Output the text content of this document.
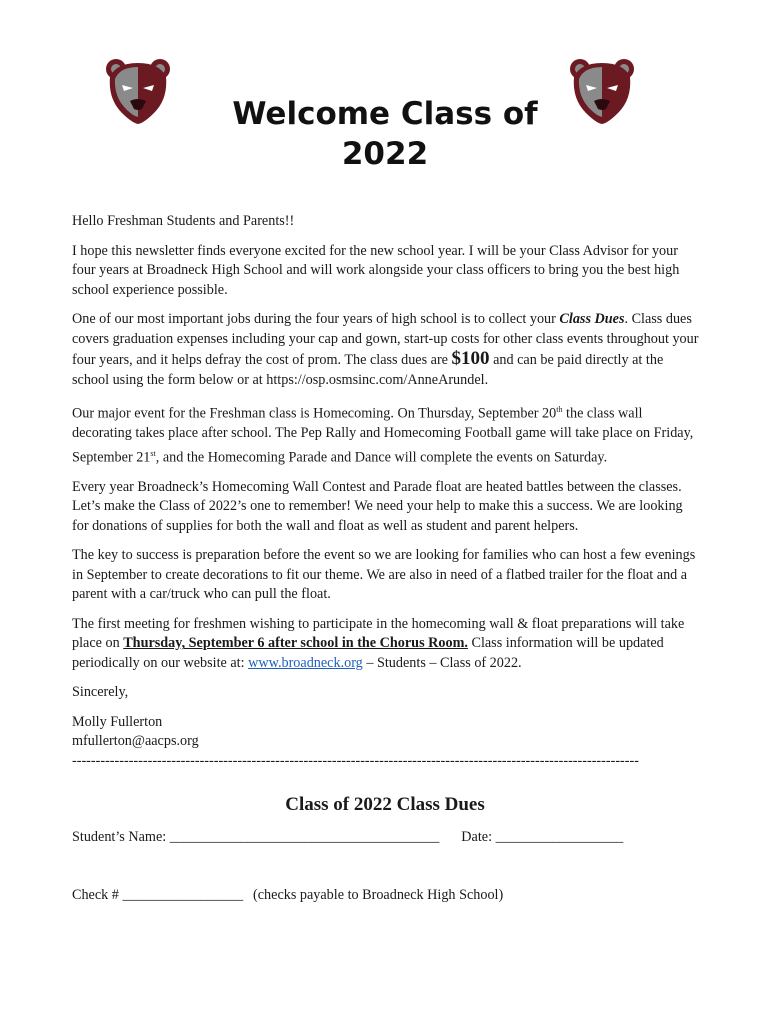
Welcome Class of
2022

Hello Freshman Students and Parents!!

I hope this newsletter finds everyone excited for the new school year. I will be your Class Advisor for your four years at Broadneck High School and will work alongside your class officers to bring you the best high school experience possible.

One of our most important jobs during the four years of high school is to collect your Class Dues. Class dues covers graduation expenses including your cap and gown, start-up costs for other class events throughout your four years, and it helps defray the cost of prom. The class dues are $100 and can be paid directly at the school using the form below or at https://osp.osmsinc.com/AnneArundel.

Our major event for the Freshman class is Homecoming. On Thursday, September 20th the class wall decorating takes place after school. The Pep Rally and Homecoming Football game will take place on Friday, September 21st, and the Homecoming Parade and Dance will complete the events on Saturday.

Every year Broadneck’s Homecoming Wall Contest and Parade float are heated battles between the classes. Let’s make the Class of 2022’s one to remember! We need your help to make this a success. We are looking for donations of supplies for both the wall and float as well as student and parent helpers.

The key to success is preparation before the event so we are looking for families who can host a few evenings in September to create decorations to fit our theme. We are also in need of a flatbed trailer for the float and a parent with a car/truck who can pull the float.

The first meeting for freshmen wishing to participate in the homecoming wall & float preparations will take place on Thursday, September 6 after school in the Chorus Room. Class information will be updated periodically on our website at: www.broadneck.org – Students – Class of 2022.

Sincerely,

Molly Fullerton

mfullerton@aacps.org

------------------------------------------------------------------------------------------------------------------------

Class of 2022 Class Dues
Student’s Name: ______________________________________ Date: __________________
Check # _________________ (checks payable to Broadneck High School)
